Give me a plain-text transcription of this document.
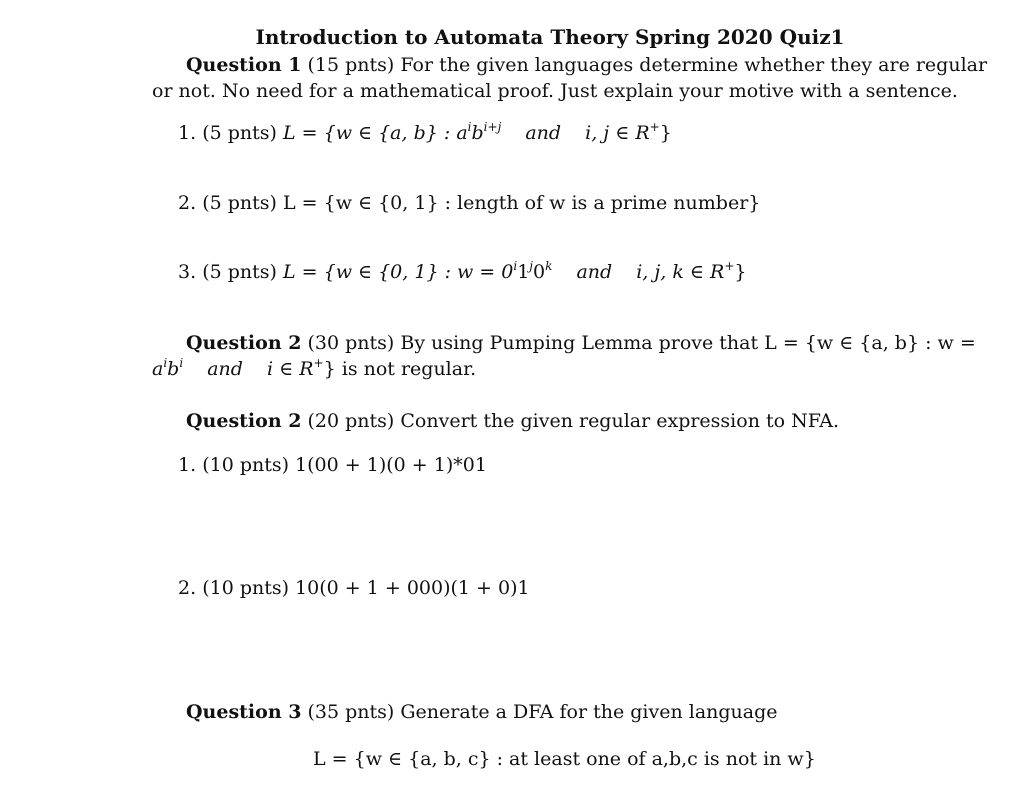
Introduction to Automata Theory Spring 2020 Quiz1
Question 1 (15 pnts) For the given languages determine whether they are regular
or not. No need for a mathematical proof. Just explain your motive with a sentence.
1. (5 pnts) L = {w ∈ {a, b} : $a^ib^{i+j}$ and i, j ∈ R+}
2. (5 pnts) L = {w ∈ {0, 1} : length of w is a prime number}
3. (5 pnts) L = {w ∈ {0, 1} : $w = 0^i1^j0^k$ and i, j, k ∈ R+}
Question 2 (30 pnts) By using Pumping Lemma prove that L = {w ∈ {a, b} : w =
$a^ib^i$ and i ∈ R+} is not regular.
Question 2 (20 pnts) Convert the given regular expression to NFA.
1. (10 pnts) 1(00 + 1)(0 + 1)*01
2. (10 pnts) 10(0 + 1 + 000)(1 + 0)1
Question 3 (35 pnts) Generate a DFA for the given language
L = {w ∈ {a, b, c} : at least one of a,b,c is not in w}
